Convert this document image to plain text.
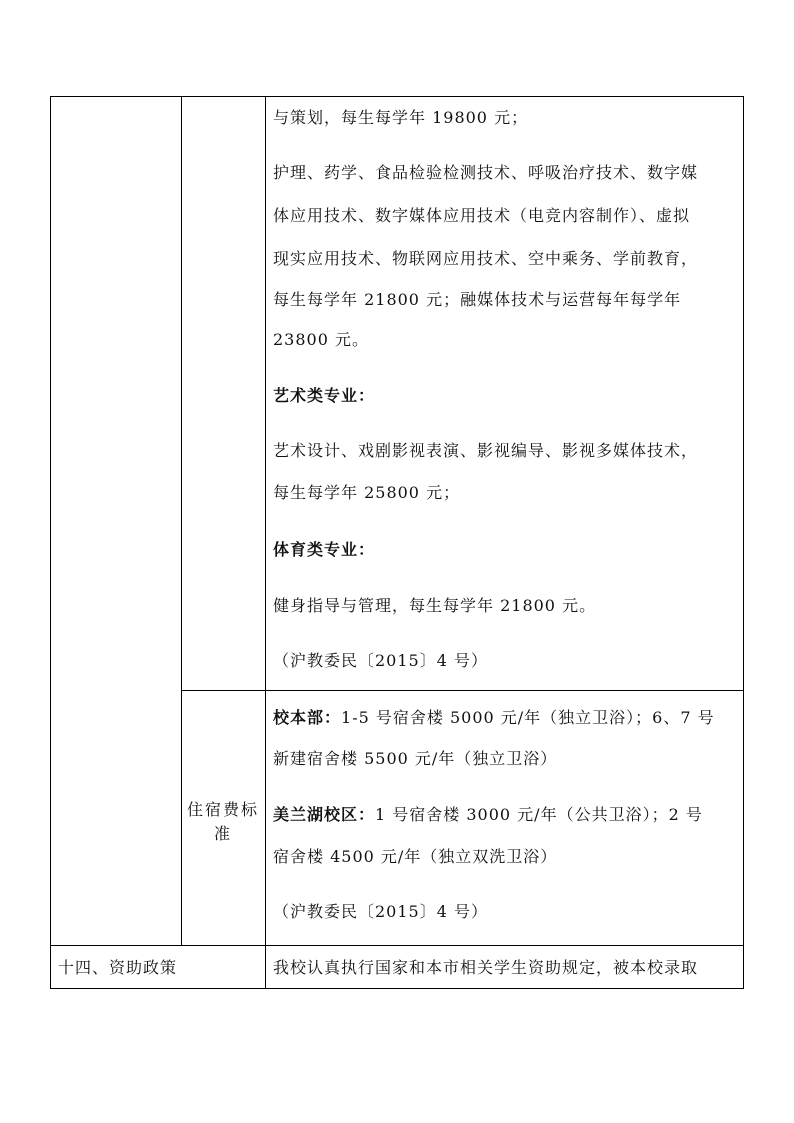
与策划，每生每学年 19800 元；
护理、药学、食品检验检测技术、呼吸治疗技术、数字媒
体应用技术、数字媒体应用技术（电竞内容制作）、虚拟
现实应用技术、物联网应用技术、空中乘务、学前教育，
每生每学年 21800 元；融媒体技术与运营每年每学年
23800 元。
艺术类专业：
艺术设计、戏剧影视表演、影视编导、影视多媒体技术，
每生每学年 25800 元；
体育类专业：
健身指导与管理，每生每学年 21800 元。
（沪教委民〔2015〕4 号）
住宿费标
准
校本部：1-5 号宿舍楼 5000 元/年（独立卫浴）；6、7 号
新建宿舍楼 5500 元/年（独立卫浴）
美兰湖校区：1 号宿舍楼 3000 元/年（公共卫浴）；2 号
宿舍楼 4500 元/年（独立双洗卫浴）
（沪教委民〔2015〕4 号）
十四、资助政策	我校认真执行国家和本市相关学生资助规定，被本校录取
